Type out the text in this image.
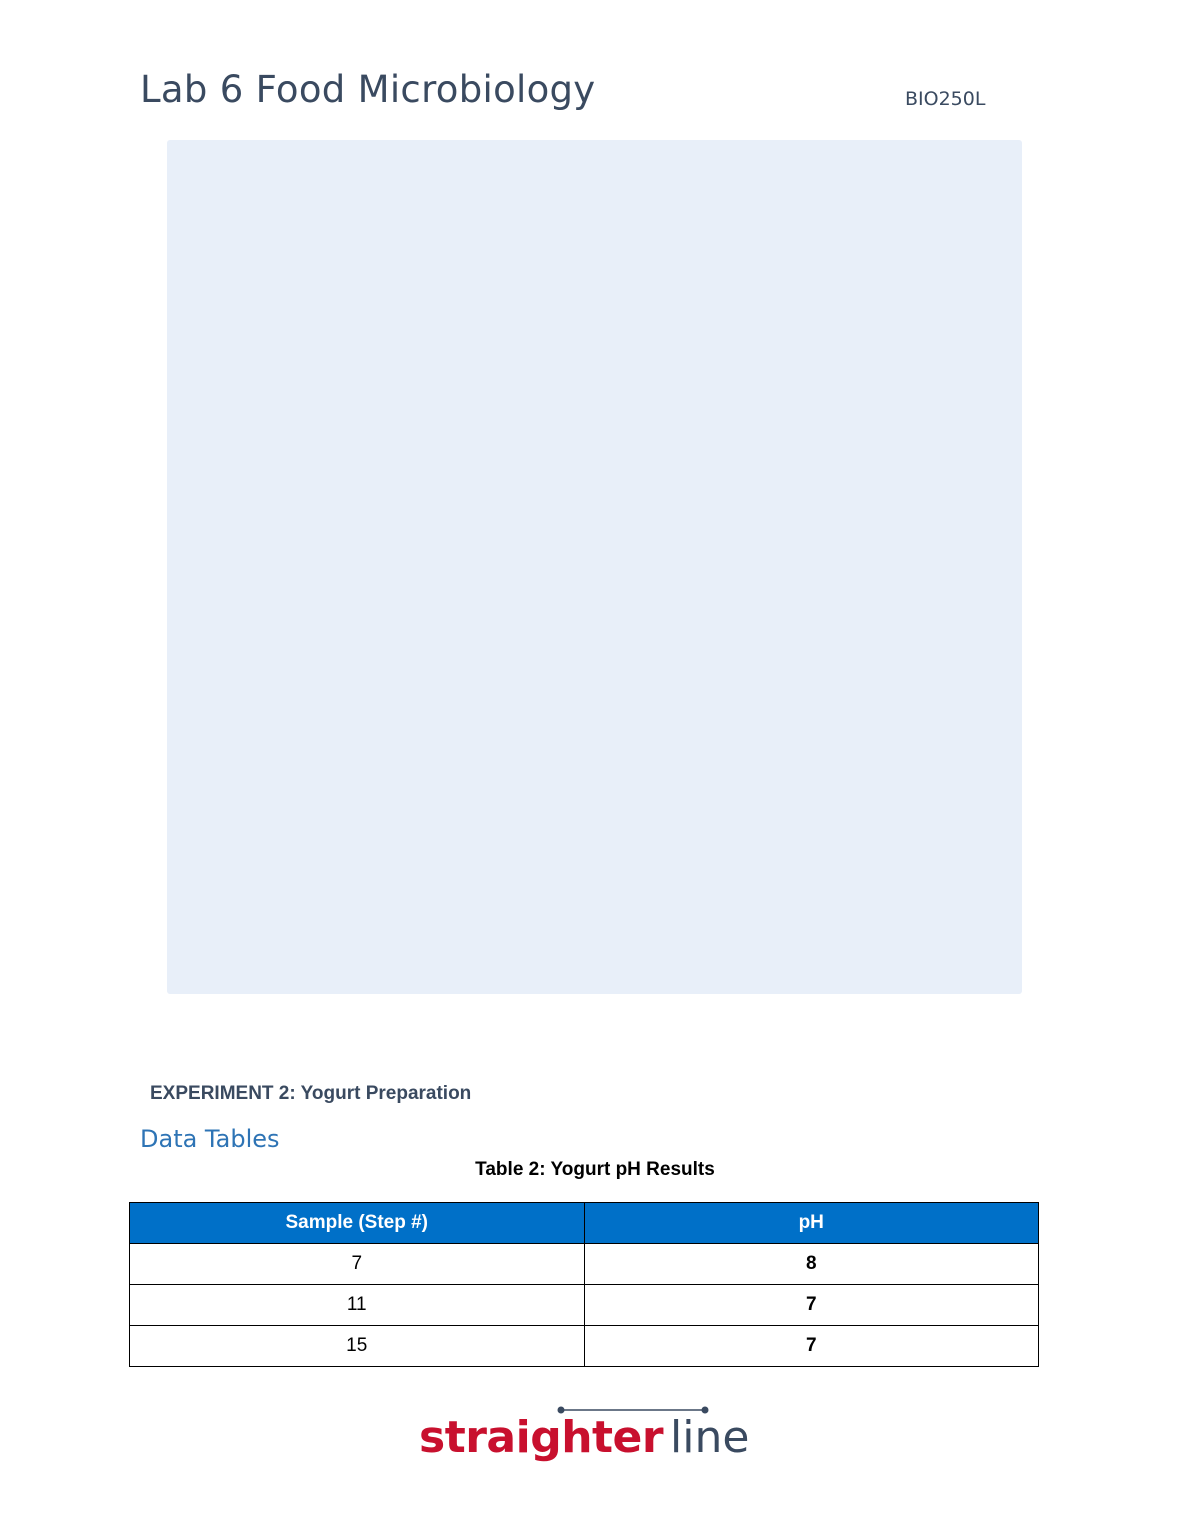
Lab 6 Food Microbiology	BIO250L
EXPERIMENT 2: Yogurt Preparation
Data Tables
Table 2: Yogurt pH Results
Sample (Step #)	pH
7	8
11	7
15	7
straighter line
